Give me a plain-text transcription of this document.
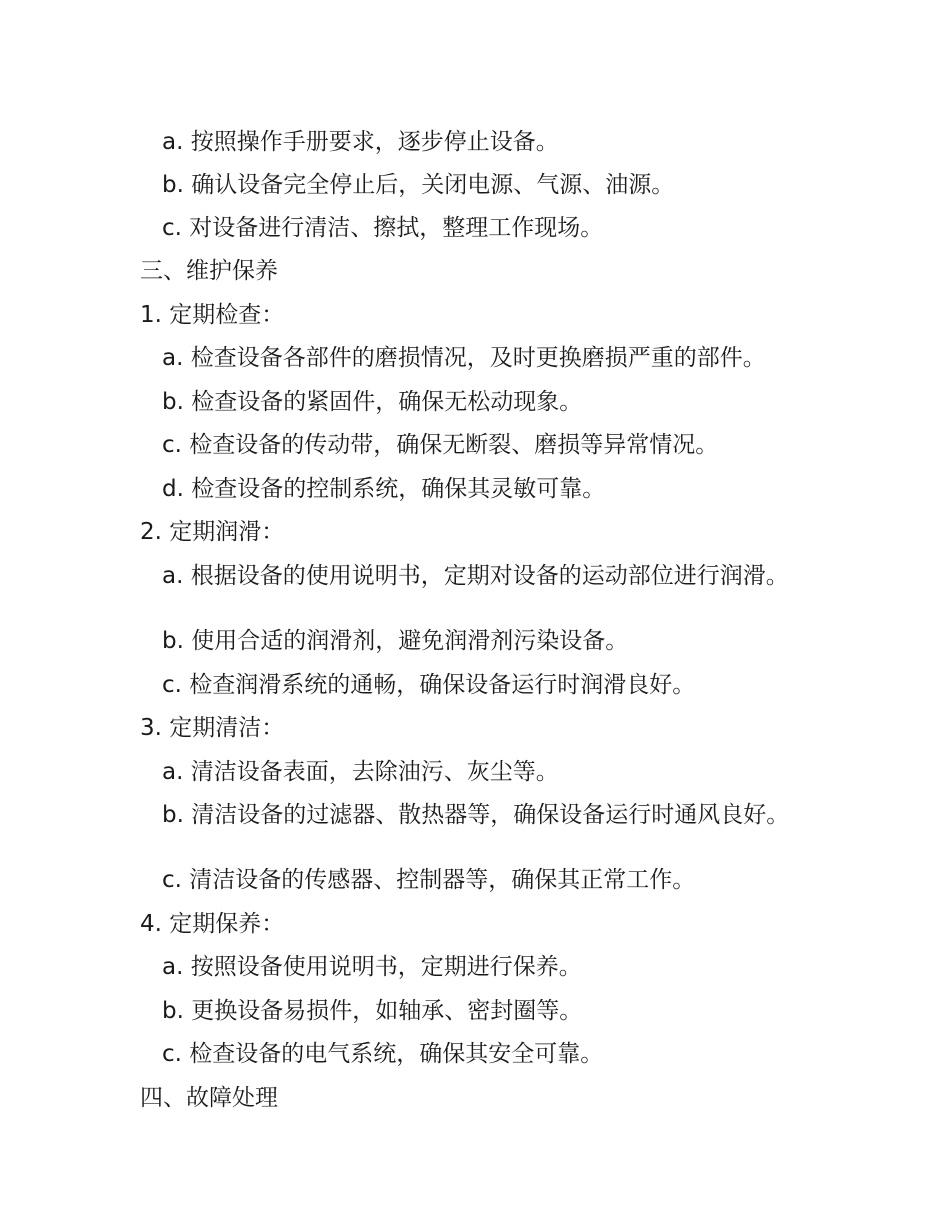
a. 按照操作手册要求，逐步停止设备。
b. 确认设备完全停止后，关闭电源、气源、油源。
c. 对设备进行清洁、擦拭，整理工作现场。
三、维护保养
1. 定期检查：
a. 检查设备各部件的磨损情况，及时更换磨损严重的部件。
b. 检查设备的紧固件，确保无松动现象。
c. 检查设备的传动带，确保无断裂、磨损等异常情况。
d. 检查设备的控制系统，确保其灵敏可靠。
2. 定期润滑：
a. 根据设备的使用说明书，定期对设备的运动部位进行润滑。
b. 使用合适的润滑剂，避免润滑剂污染设备。
c. 检查润滑系统的通畅，确保设备运行时润滑良好。
3. 定期清洁：
a. 清洁设备表面，去除油污、灰尘等。
b. 清洁设备的过滤器、散热器等，确保设备运行时通风良好。
c. 清洁设备的传感器、控制器等，确保其正常工作。
4. 定期保养：
a. 按照设备使用说明书，定期进行保养。
b. 更换设备易损件，如轴承、密封圈等。
c. 检查设备的电气系统，确保其安全可靠。
四、故障处理
